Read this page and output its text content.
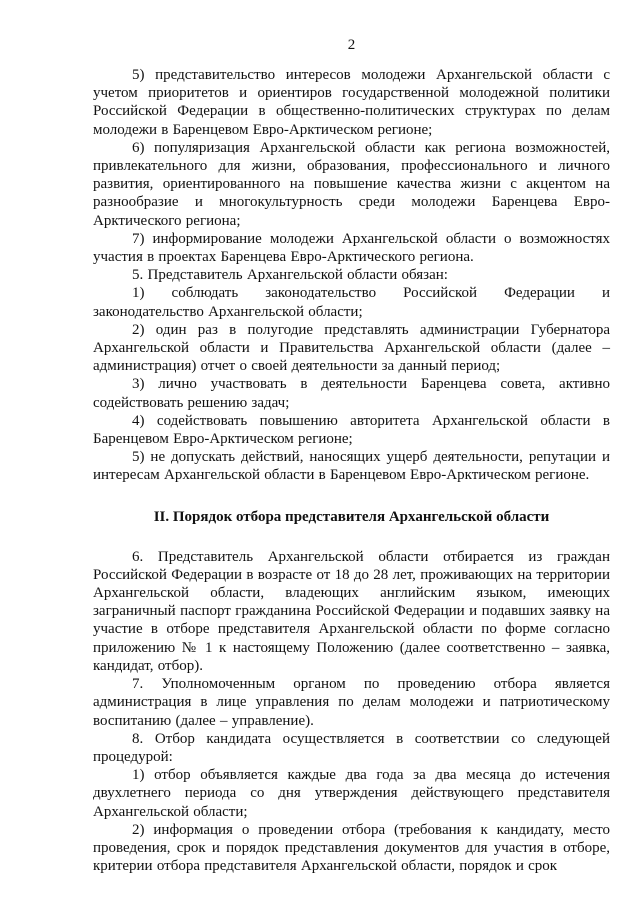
2

5) представительство интересов молодежи Архангельской области с учетом приоритетов и ориентиров государственной молодежной политики Российской Федерации в общественно-политических структурах по делам молодежи в Баренцевом Евро-Арктическом регионе;

6) популяризация Архангельской области как региона возможностей, привлекательного для жизни, образования, профессионального и личного развития, ориентированного на повышение качества жизни с акцентом на разнообразие и многокультурность среди молодежи Баренцева Евро-Арктического региона;

7) информирование молодежи Архангельской области о возможностях участия в проектах Баренцева Евро-Арктического региона.

5. Представитель Архангельской области обязан:

1) соблюдать законодательство Российской Федерации и законодательство Архангельской области;

2) один раз в полугодие представлять администрации Губернатора Архангельской области и Правительства Архангельской области (далее – администрация) отчет о своей деятельности за данный период;

3) лично участвовать в деятельности Баренцева совета, активно содействовать решению задач;

4) содействовать повышению авторитета Архангельской области в Баренцевом Евро-Арктическом регионе;

5) не допускать действий, наносящих ущерб деятельности, репутации и интересам Архангельской области в Баренцевом Евро-Арктическом регионе.

II. Порядок отбора представителя Архангельской области

6. Представитель Архангельской области отбирается из граждан Российской Федерации в возрасте от 18 до 28 лет, проживающих на территории Архангельской области, владеющих английским языком, имеющих заграничный паспорт гражданина Российской Федерации и подавших заявку на участие в отборе представителя Архангельской области по форме согласно приложению № 1 к настоящему Положению (далее соответственно – заявка, кандидат, отбор).

7. Уполномоченным органом по проведению отбора является администрация в лице управления по делам молодежи и патриотическому воспитанию (далее – управление).

8. Отбор кандидата осуществляется в соответствии со следующей процедурой:

1) отбор объявляется каждые два года за два месяца до истечения двухлетнего периода со дня утверждения действующего представителя Архангельской области;

2) информация о проведении отбора (требования к кандидату, место проведения, срок и порядок представления документов для участия в отборе, критерии отбора представителя Архангельской области, порядок и срок
